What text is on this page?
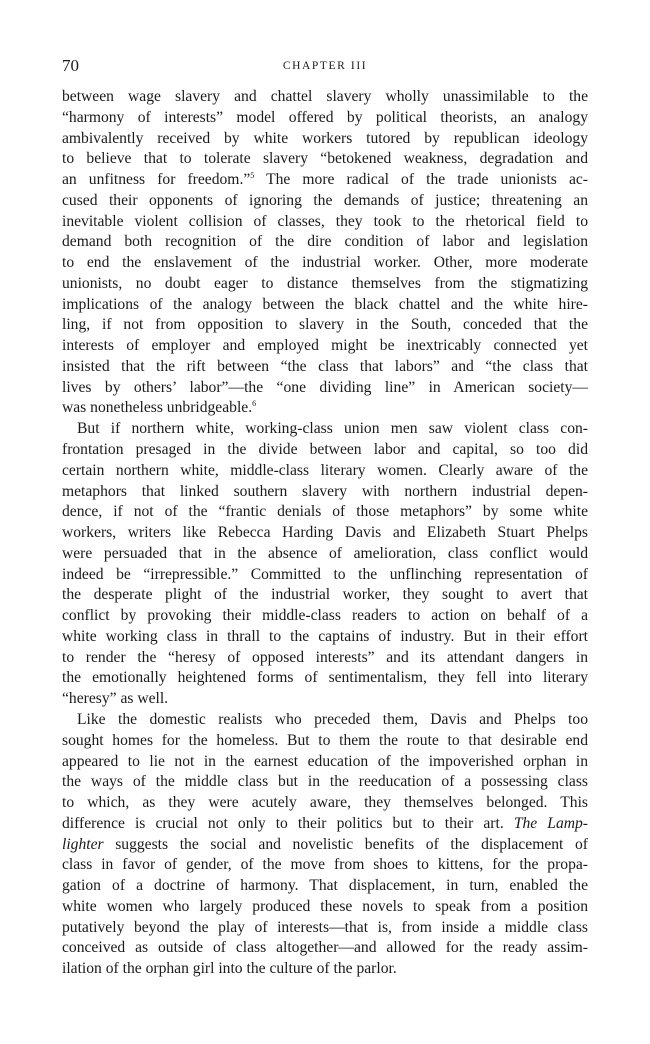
70	CHAPTER III
between wage slavery and chattel slavery wholly unassimilable to the
“harmony of interests” model offered by political theorists, an analogy
ambivalently received by white workers tutored by republican ideology
to believe that to tolerate slavery “betokened weakness, degradation and
an unfitness for freedom.”$^5$ The more radical of the trade unionists ac-
cused their opponents of ignoring the demands of justice; threatening an
inevitable violent collision of classes, they took to the rhetorical field to
demand both recognition of the dire condition of labor and legislation
to end the enslavement of the industrial worker. Other, more moderate
unionists, no doubt eager to distance themselves from the stigmatizing
implications of the analogy between the black chattel and the white hire-
ling, if not from opposition to slavery in the South, conceded that the
interests of employer and employed might be inextricably connected yet
insisted that the rift between “the class that labors” and “the class that
lives by others’ labor”—the “one dividing line” in American society—
was nonetheless unbridgeable.$^6$
But if northern white, working-class union men saw violent class con-
frontation presaged in the divide between labor and capital, so too did
certain northern white, middle-class literary women. Clearly aware of the
metaphors that linked southern slavery with northern industrial depen-
dence, if not of the “frantic denials of those metaphors” by some white
workers, writers like Rebecca Harding Davis and Elizabeth Stuart Phelps
were persuaded that in the absence of amelioration, class conflict would
indeed be “irrepressible.” Committed to the unflinching representation of
the desperate plight of the industrial worker, they sought to avert that
conflict by provoking their middle-class readers to action on behalf of a
white working class in thrall to the captains of industry. But in their effort
to render the “heresy of opposed interests” and its attendant dangers in
the emotionally heightened forms of sentimentalism, they fell into literary
“heresy” as well.
Like the domestic realists who preceded them, Davis and Phelps too
sought homes for the homeless. But to them the route to that desirable end
appeared to lie not in the earnest education of the impoverished orphan in
the ways of the middle class but in the reeducation of a possessing class
to which, as they were acutely aware, they themselves belonged. This
difference is crucial not only to their politics but to their art. The Lamp-
lighter suggests the social and novelistic benefits of the displacement of
class in favor of gender, of the move from shoes to kittens, for the propa-
gation of a doctrine of harmony. That displacement, in turn, enabled the
white women who largely produced these novels to speak from a position
putatively beyond the play of interests—that is, from inside a middle class
conceived as outside of class altogether—and allowed for the ready assim-
ilation of the orphan girl into the culture of the parlor.
